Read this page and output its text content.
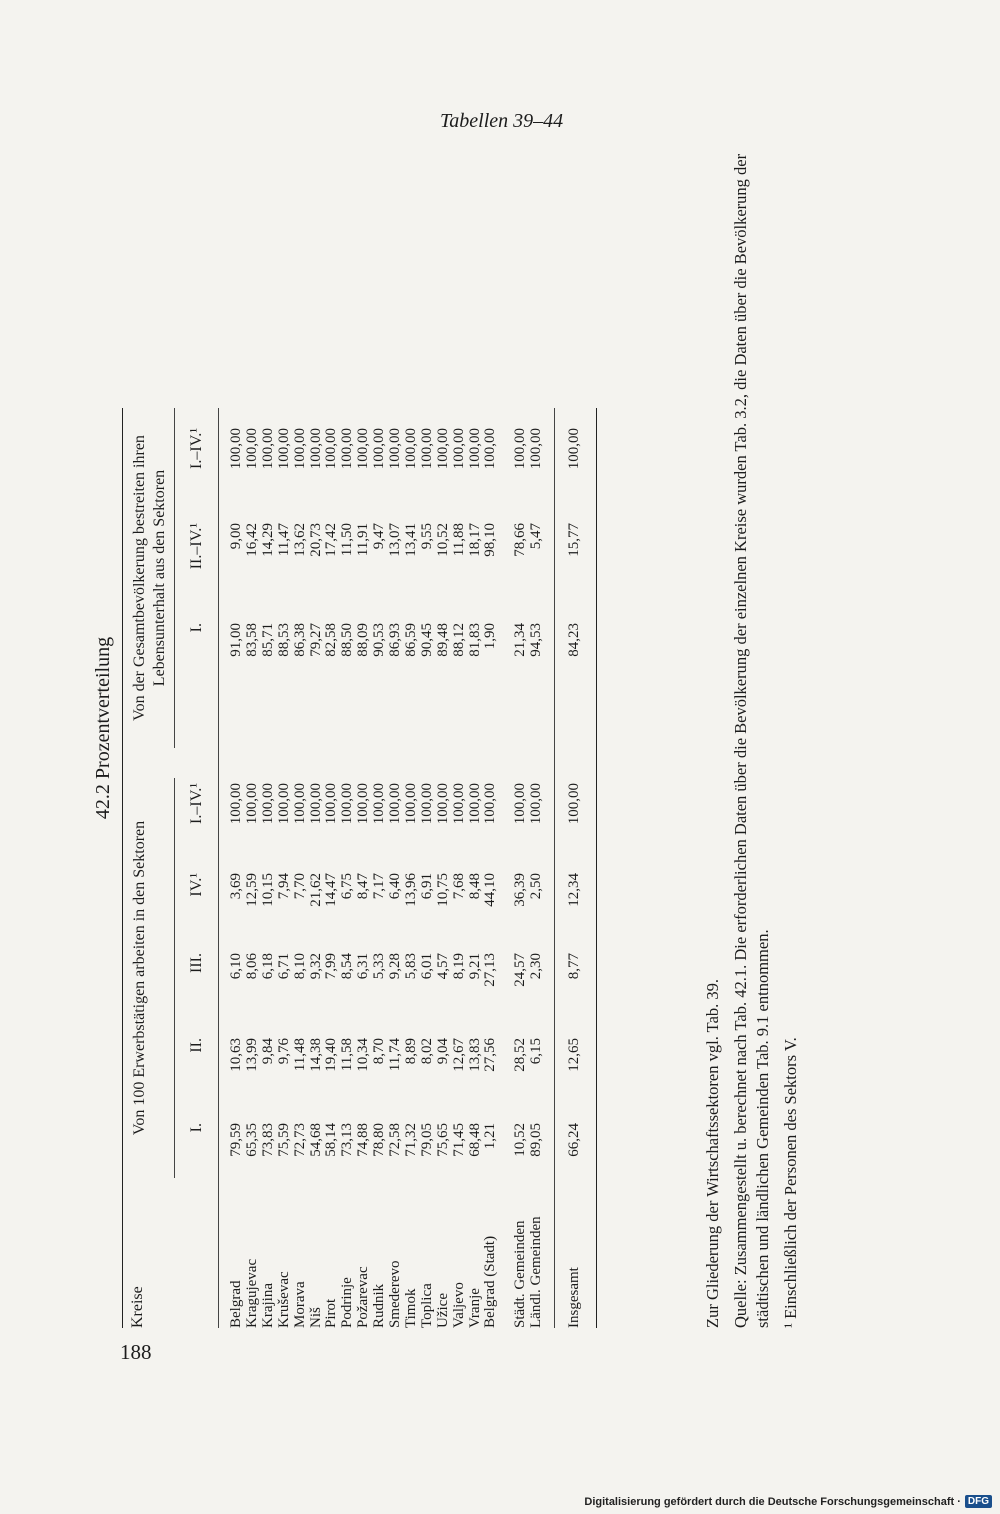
188
Tabellen 39–44
42.2 Prozentverteilung
Kreise
Von 100 Erwerbstätigen arbeiten in den Sektoren
Von der Gesamtbevölkerung bestreiten ihren Lebensunterhalt aus den Sektoren
I.
II.
III.
IV.¹
I.–IV.¹
I.
II.–IV.¹
I.–IV.¹
Belgrad
79,59
10,63
6,10
3,69
100,00
91,00
9,00
100,00
Kragujevac
65,35
13,99
8,06
12,59
100,00
83,58
16,42
100,00
Krajina
73,83
9,84
6,18
10,15
100,00
85,71
14,29
100,00
Kruševac
75,59
9,76
6,71
7,94
100,00
88,53
11,47
100,00
Morava
72,73
11,48
8,10
7,70
100,00
86,38
13,62
100,00
Niš
54,68
14,38
9,32
21,62
100,00
79,27
20,73
100,00
Pirot
58,14
19,40
7,99
14,47
100,00
82,58
17,42
100,00
Podrinje
73,13
11,58
8,54
6,75
100,00
88,50
11,50
100,00
Požarevac
74,88
10,34
6,31
8,47
100,00
88,09
11,91
100,00
Rudnik
78,80
8,70
5,33
7,17
100,00
90,53
9,47
100,00
Smederevo
72,58
11,74
9,28
6,40
100,00
86,93
13,07
100,00
Timok
71,32
8,89
5,83
13,96
100,00
86,59
13,41
100,00
Toplica
79,05
8,02
6,01
6,91
100,00
90,45
9,55
100,00
Užice
75,65
9,04
4,57
10,75
100,00
89,48
10,52
100,00
Valjevo
71,45
12,67
8,19
7,68
100,00
88,12
11,88
100,00
Vranje
68,48
13,83
9,21
8,48
100,00
81,83
18,17
100,00
Belgrad (Stadt)
1,21
27,56
27,13
44,10
100,00
1,90
98,10
100,00
Städt. Gemeinden
10,52
28,52
24,57
36,39
100,00
21,34
78,66
100,00
Ländl. Gemeinden
89,05
6,15
2,30
2,50
100,00
94,53
5,47
100,00
Insgesamt
66,24
12,65
8,77
12,34
100,00
84,23
15,77
100,00

Zur Gliederung der Wirtschaftssektoren vgl. Tab. 39. Quelle: Zusammengestellt u. berechnet nach Tab. 42.1. Die erforderlichen Daten über die Bevölkerung der einzelnen Kreise wurden Tab. 3.2, die Daten über die Bevölkerung der städtischen und ländlichen Gemeinden Tab. 9.1 entnommen. ¹ Einschließlich der Personen des Sektors V.

Digitalisierung gefördert durch die Deutsche Forschungsgemeinschaft · DFG
